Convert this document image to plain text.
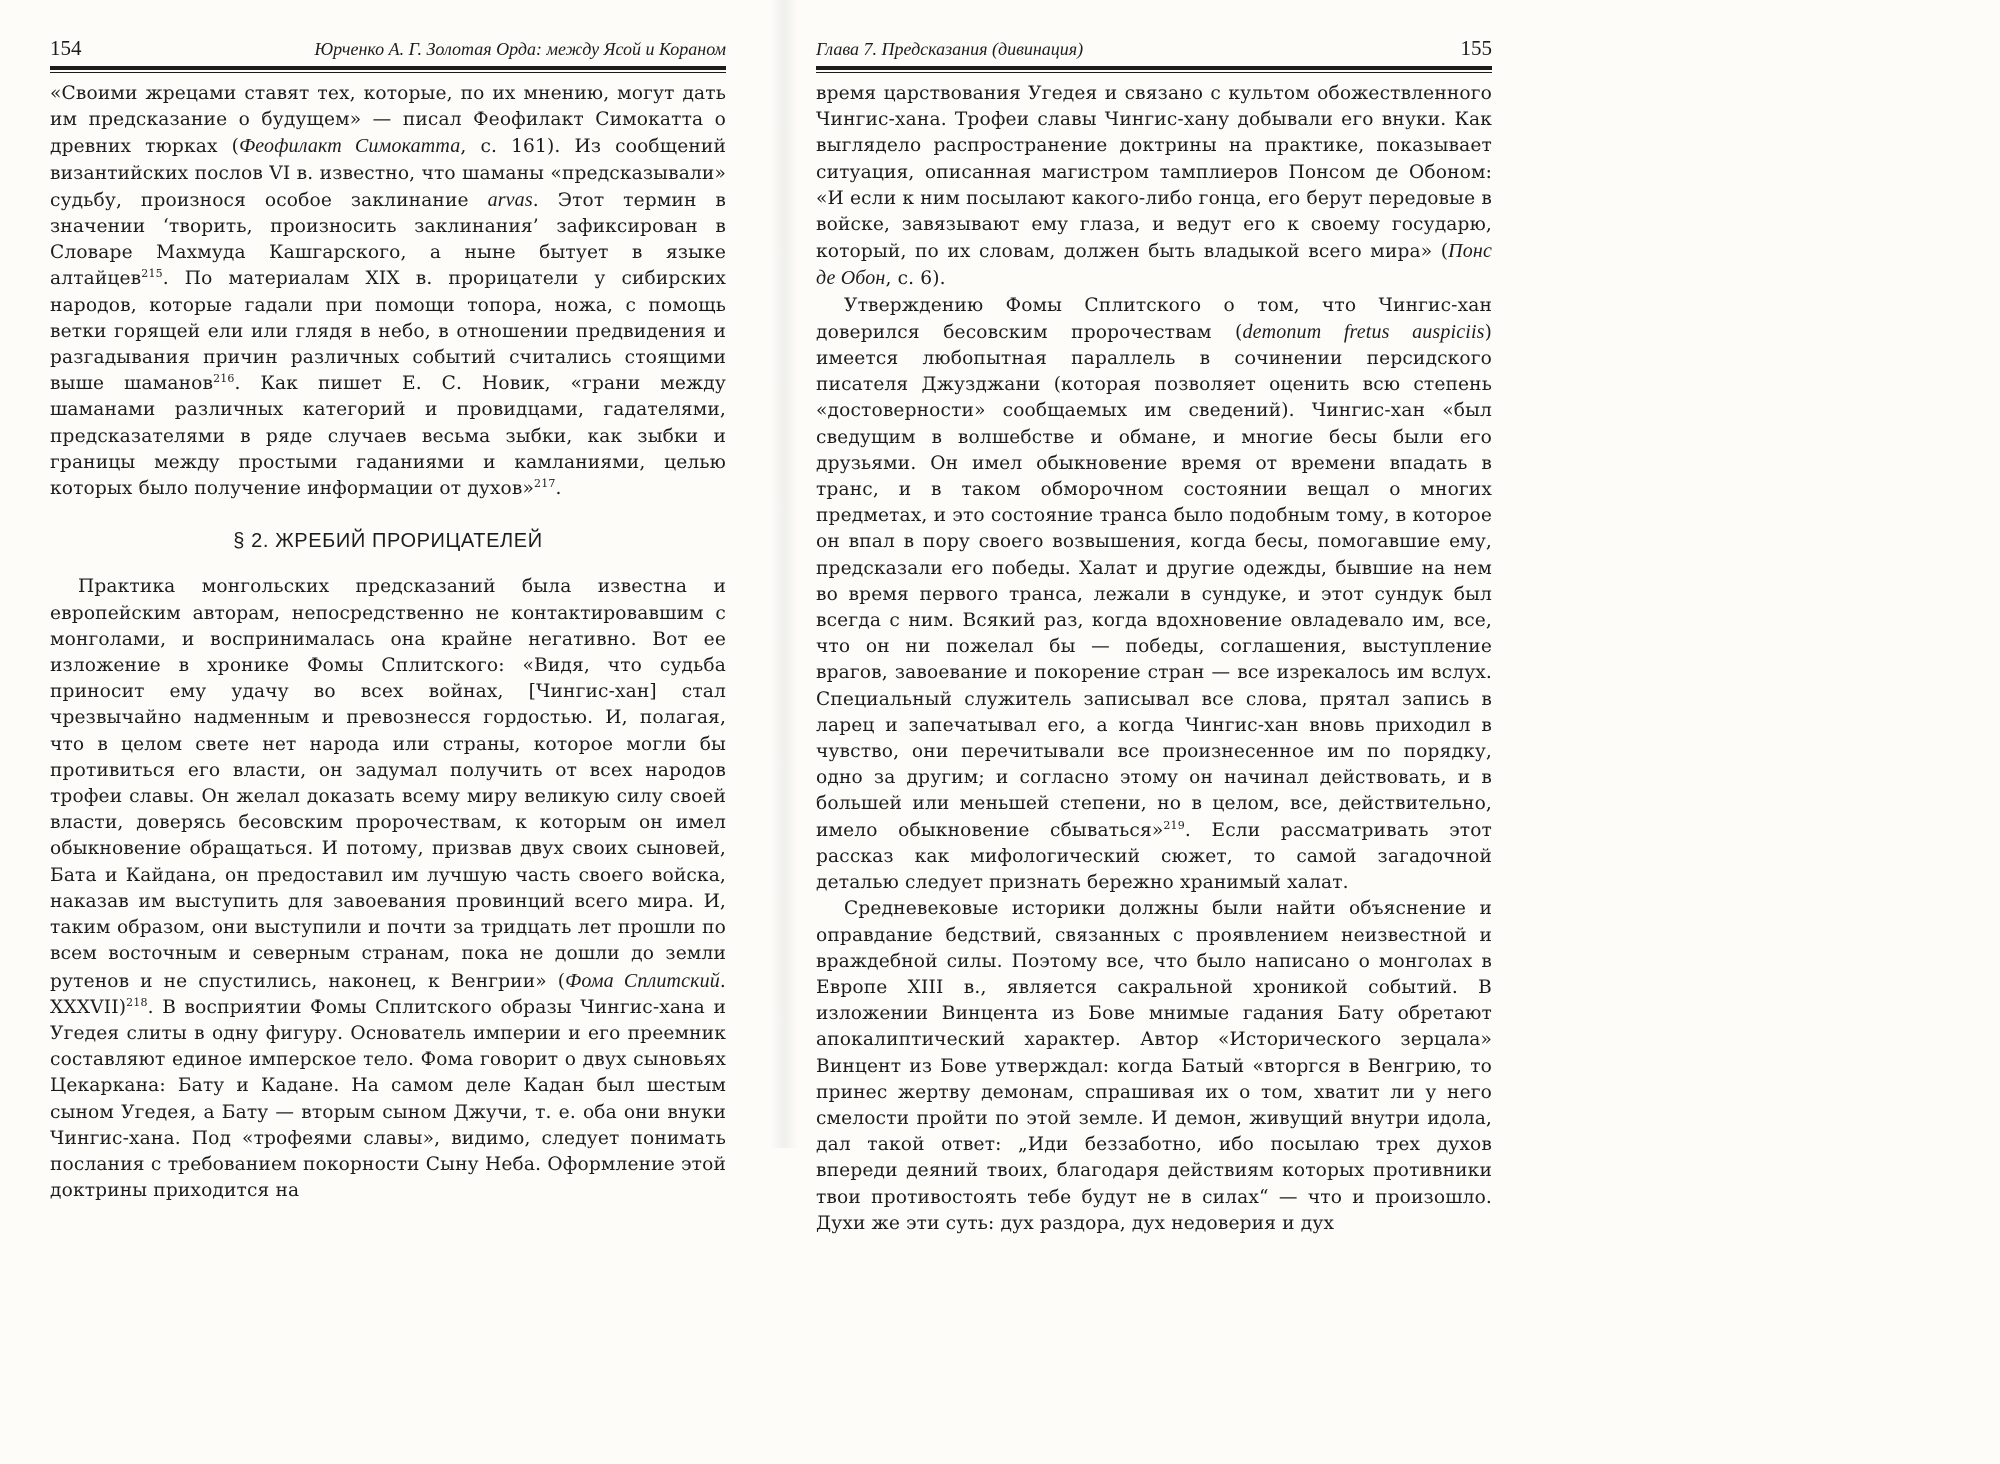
154	Юрченко А. Г. Золотая Орда: между Ясой и Кораном

«Своими жрецами ставят тех, которые, по их мнению, могут дать им предсказание о будущем» — писал Феофилакт Симокатта о древних тюрках (Феофилакт Симокатта, с. 161). Из сообщений византийских послов VI в. известно, что шаманы «предсказывали» судьбу, произнося особое заклинание arvas. Этот термин в значении ‘творить, произносить заклинания’ зафиксирован в Словаре Махмуда Кашгарского, а ныне бытует в языке алтайцев$^{215}$. По материалам XIX в. прорицатели у сибирских народов, которые гадали при помощи топора, ножа, с помощь ветки горящей ели или глядя в небо, в отношении предвидения и разгадывания причин различных событий считались стоящими выше шаманов$^{216}$. Как пишет Е. С. Новик, «грани между шаманами различных категорий и провидцами, гадателями, предсказателями в ряде случаев весьма зыбки, как зыбки и границы между простыми гаданиями и камланиями, целью которых было получение информации от духов»$^{217}$.

§ 2. ЖРЕБИЙ ПРОРИЦАТЕЛЕЙ

Практика монгольских предсказаний была известна и европейским авторам, непосредственно не контактировавшим с монголами, и воспринималась она крайне негативно. Вот ее изложение в хронике Фомы Сплитского: «Видя, что судьба приносит ему удачу во всех войнах, [Чингис-хан] стал чрезвычайно надменным и превознесся гордостью. И, полагая, что в целом свете нет народа или страны, которое могли бы противиться его власти, он задумал получить от всех народов трофеи славы. Он желал доказать всему миру великую силу своей власти, доверясь бесовским пророчествам, к которым он имел обыкновение обращаться. И потому, призвав двух своих сыновей, Бата и Кайдана, он предоставил им лучшую часть своего войска, наказав им выступить для завоевания провинций всего мира. И, таким образом, они выступили и почти за тридцать лет прошли по всем восточным и северным странам, пока не дошли до земли рутенов и не спустились, наконец, к Венгрии» (Фома Сплитский. XXXVII)$^{218}$. В восприятии Фомы Сплитского образы Чингис-хана и Угедея слиты в одну фигуру. Основатель империи и его преемник составляют единое имперское тело. Фома говорит о двух сыновьях Цекаркана: Бату и Кадане. На самом деле Кадан был шестым сыном Угедея, а Бату — вторым сыном Джучи, т. е. оба они внуки Чингис-хана. Под «трофеями славы», видимо, следует понимать послания с требованием покорности Сыну Неба. Оформление этой доктрины приходится на

Глава 7. Предсказания (дивинация)	155

время царствования Угедея и связано с культом обожествленного Чингис-хана. Трофеи славы Чингис-хану добывали его внуки. Как выглядело распространение доктрины на практике, показывает ситуация, описанная магистром тамплиеров Понсом де Обоном: «И если к ним посылают какого-либо гонца, его берут передовые в войске, завязывают ему глаза, и ведут его к своему государю, который, по их словам, должен быть владыкой всего мира» (Понс де Обон, с. 6).

Утверждению Фомы Сплитского о том, что Чингис-хан доверился бесовским пророчествам (demonum fretus auspiciis) имеется любопытная параллель в сочинении персидского писателя Джузджани (которая позволяет оценить всю степень «достоверности» сообщаемых им сведений). Чингис-хан «был сведущим в волшебстве и обмане, и многие бесы были его друзьями. Он имел обыкновение время от времени впадать в транс, и в таком обморочном состоянии вещал о многих предметах, и это состояние транса было подобным тому, в которое он впал в пору своего возвышения, когда бесы, помогавшие ему, предсказали его победы. Халат и другие одежды, бывшие на нем во время первого транса, лежали в сундуке, и этот сундук был всегда с ним. Всякий раз, когда вдохновение овладевало им, все, что он ни пожелал бы — победы, соглашения, выступление врагов, завоевание и покорение стран — все изрекалось им вслух. Специальный служитель записывал все слова, прятал запись в ларец и запечатывал его, а когда Чингис-хан вновь приходил в чувство, они перечитывали все произнесенное им по порядку, одно за другим; и согласно этому он начинал действовать, и в большей или меньшей степени, но в целом, все, действительно, имело обыкновение сбываться»$^{219}$. Если рассматривать этот рассказ как мифологический сюжет, то самой загадочной деталью следует признать бережно хранимый халат.

Средневековые историки должны были найти объяснение и оправдание бедствий, связанных с проявлением неизвестной и враждебной силы. Поэтому все, что было написано о монголах в Европе XIII в., является сакральной хроникой событий. В изложении Винцента из Бове мнимые гадания Бату обретают апокалиптический характер. Автор «Исторического зерцала» Винцент из Бове утверждал: когда Батый «вторгся в Венгрию, то принес жертву демонам, спрашивая их о том, хватит ли у него смелости пройти по этой земле. И демон, живущий внутри идола, дал такой ответ: „Иди беззаботно, ибо посылаю трех духов впереди деяний твоих, благодаря действиям которых противники твои противостоять тебе будут не в силах“ — что и произошло. Духи же эти суть: дух раздора, дух недоверия и дух
